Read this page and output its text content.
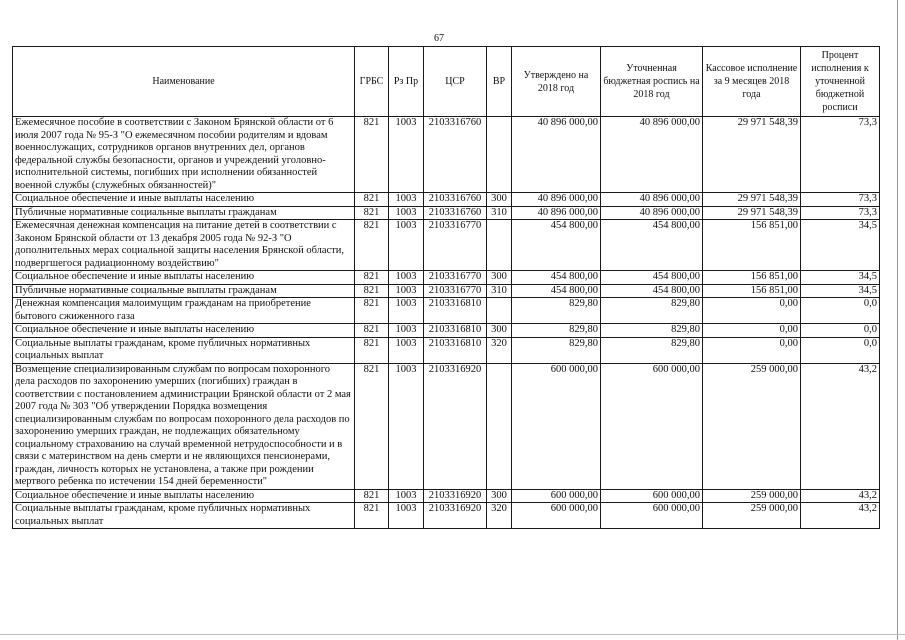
67
Наименование	ГРБС	Рз Пр	ЦСР	ВР	Утверждено на 2018 год	Уточненная бюджетная роспись на 2018 год	Кассовое исполнение за 9 месяцев 2018 года	Процент исполнения к уточненной бюджетной росписи
Ежемесячное пособие в соответствии с Законом Брянской области от 6 июля 2007 года № 95-З "О ежемесячном пособии родителям и вдовам военнослужащих, сотрудников органов внутренних дел, органов федеральной службы безопасности, органов и учреждений уголовно-исполнительной системы, погибших при исполнении обязанностей военной службы (служебных обязанностей)"	821	1003	2103316760		40 896 000,00	40 896 000,00	29 971 548,39	73,3
Социальное обеспечение и иные выплаты населению	821	1003	2103316760	300	40 896 000,00	40 896 000,00	29 971 548,39	73,3
Публичные нормативные социальные выплаты гражданам	821	1003	2103316760	310	40 896 000,00	40 896 000,00	29 971 548,39	73,3
Ежемесячная денежная компенсация на питание детей в соответствии с Законом Брянской области от 13 декабря 2005 года № 92-З "О дополнительных мерах социальной защиты населения Брянской области, подвергшегося радиационному воздействию"	821	1003	2103316770		454 800,00	454 800,00	156 851,00	34,5
Социальное обеспечение и иные выплаты населению	821	1003	2103316770	300	454 800,00	454 800,00	156 851,00	34,5
Публичные нормативные социальные выплаты гражданам	821	1003	2103316770	310	454 800,00	454 800,00	156 851,00	34,5
Денежная компенсация малоимущим гражданам на приобретение бытового сжиженного газа	821	1003	2103316810		829,80	829,80	0,00	0,0
Социальное обеспечение и иные выплаты населению	821	1003	2103316810	300	829,80	829,80	0,00	0,0
Социальные выплаты гражданам, кроме публичных нормативных социальных выплат	821	1003	2103316810	320	829,80	829,80	0,00	0,0
Возмещение специализированным службам по вопросам похоронного дела расходов по захоронению умерших (погибших) граждан в соответствии с постановлением администрации Брянской области от 2 мая 2007 года № 303 "Об утверждении Порядка возмещения специализированным службам по вопросам похоронного дела расходов по захоронению умерших граждан, не подлежащих обязательному социальному страхованию на случай временной нетрудоспособности и в связи с материнством на день смерти и не являющихся пенсионерами, граждан, личность которых не установлена, а также при рождении мертвого ребенка по истечении 154 дней беременности"	821	1003	2103316920		600 000,00	600 000,00	259 000,00	43,2
Социальное обеспечение и иные выплаты населению	821	1003	2103316920	300	600 000,00	600 000,00	259 000,00	43,2
Социальные выплаты гражданам, кроме публичных нормативных социальных выплат	821	1003	2103316920	320	600 000,00	600 000,00	259 000,00	43,2
